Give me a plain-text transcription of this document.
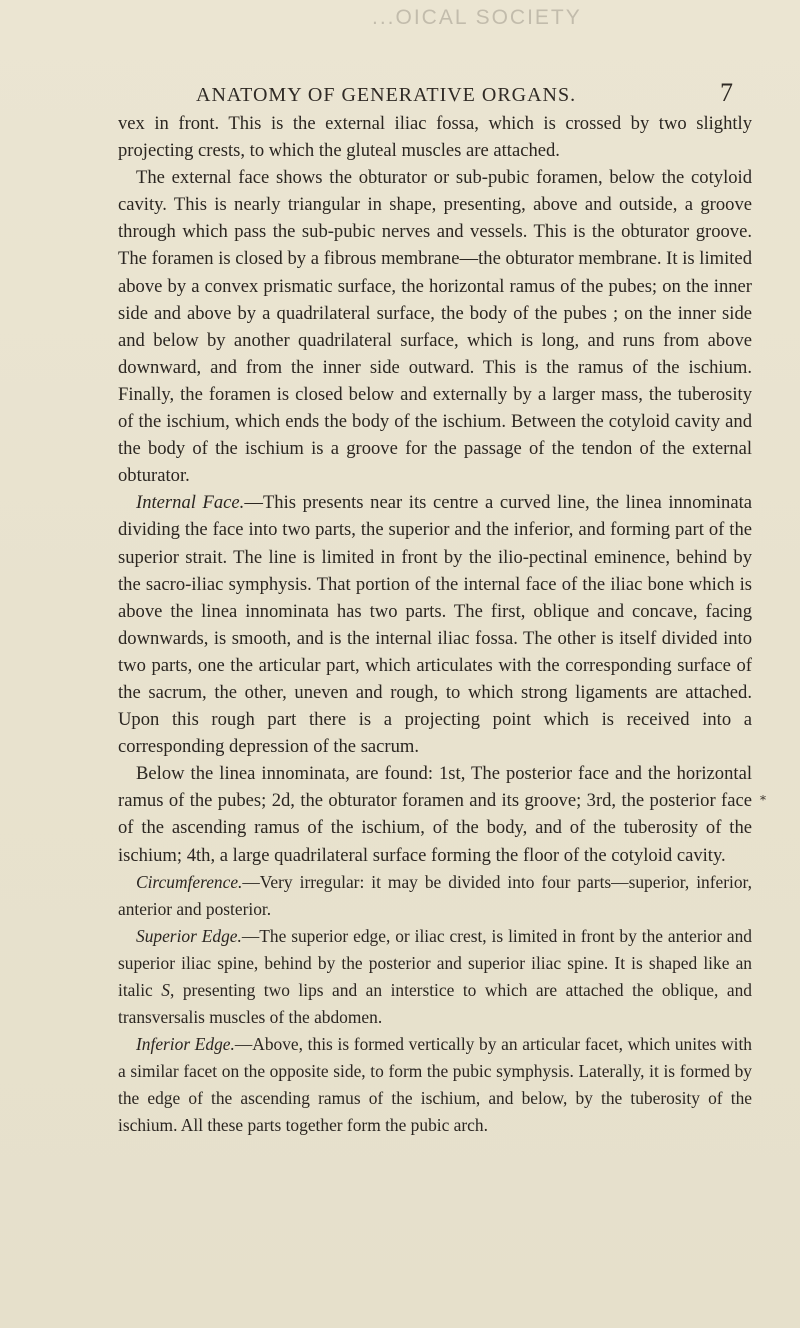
...OICAL SOCIETY
ANATOMY OF GENERATIVE ORGANS.	7

vex in front. This is the external iliac fossa, which is crossed by two slightly projecting crests, to which the gluteal muscles are attached.

The external face shows the obturator or sub-pubic foramen, below the cotyloid cavity. This is nearly triangular in shape, presenting, above and outside, a groove through which pass the sub-pubic nerves and vessels. This is the obturator groove. The foramen is closed by a fibrous membrane—the obturator membrane. It is limited above by a convex prismatic surface, the horizontal ramus of the pubes; on the inner side and above by a quadrilateral surface, the body of the pubes ; on the inner side and below by another quadrilateral surface, which is long, and runs from above downward, and from the inner side outward. This is the ramus of the ischium. Finally, the foramen is closed below and externally by a larger mass, the tuberosity of the ischium, which ends the body of the ischium. Between the cotyloid cavity and the body of the ischium is a groove for the passage of the tendon of the external obturator.

Internal Face.—This presents near its centre a curved line, the linea innominata dividing the face into two parts, the superior and the inferior, and forming part of the superior strait. The line is limited in front by the ilio-pectinal eminence, behind by the sacro-iliac symphysis. That portion of the internal face of the iliac bone which is above the linea innominata has two parts. The first, oblique and concave, facing downwards, is smooth, and is the internal iliac fossa. The other is itself divided into two parts, one the articular part, which articulates with the corresponding surface of the sacrum, the other, uneven and rough, to which strong ligaments are attached. Upon this rough part there is a projecting point which is received into a corresponding depression of the sacrum.

Below the linea innominata, are found: 1st, The posterior face and the horizontal ramus of the pubes; 2d, the obturator foramen and its groove; 3rd, the posterior face of the ascending ramus of the ischium, of the body, and of the tuberosity of the ischium; 4th, a large quadrilateral surface forming the floor of the cotyloid cavity.

Circumference.—Very irregular: it may be divided into four parts—superior, inferior, anterior and posterior.

Superior Edge.—The superior edge, or iliac crest, is limited in front by the anterior and superior iliac spine, behind by the posterior and superior iliac spine. It is shaped like an italic S, presenting two lips and an interstice to which are attached the oblique, and transversalis muscles of the abdomen.

Inferior Edge.—Above, this is formed vertically by an articular facet, which unites with a similar facet on the opposite side, to form the pubic symphysis. Laterally, it is formed by the edge of the ascending ramus of the ischium, and below, by the tuberosity of the ischium. All these parts together form the pubic arch.

*
